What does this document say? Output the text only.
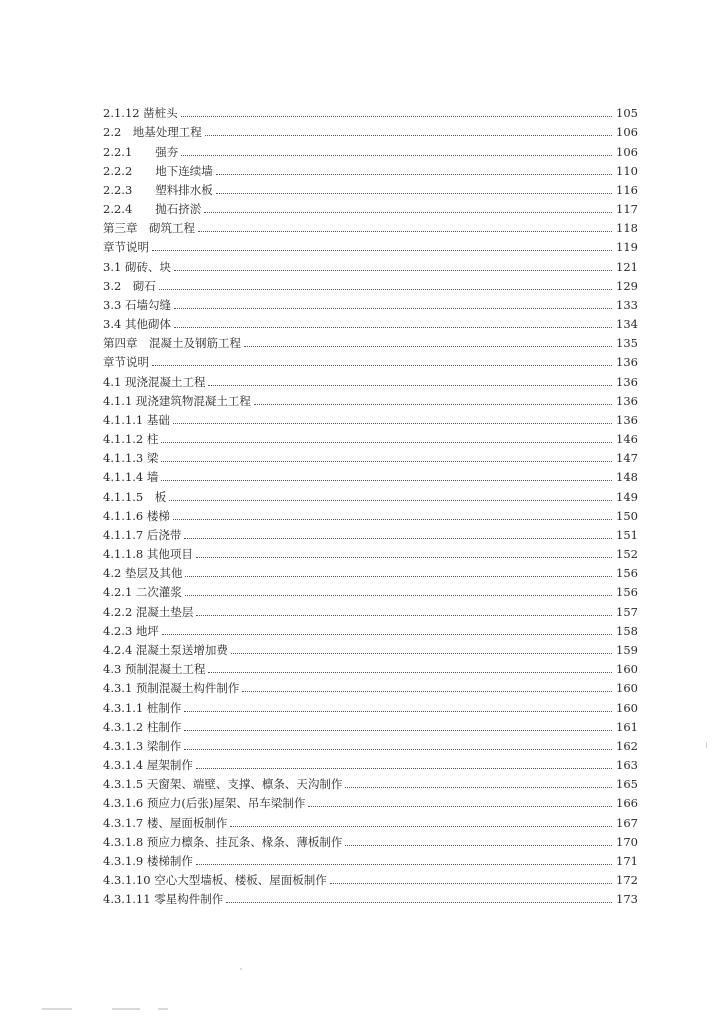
2.1.12 凿桩头	105
2.2　地基处理工程	106
2.2.1　　强夯	106
2.2.2　　地下连续墙	110
2.2.3　　塑料排水板	116
2.2.4　　抛石挤淤	117
第三章　砌筑工程	118
章节说明	119
3.1 砌砖、块	121
3.2　砌石	129
3.3 石墙勾缝	133
3.4 其他砌体	134
第四章　混凝土及钢筋工程	135
章节说明	136
4.1 现浇混凝土工程	136
4.1.1 现浇建筑物混凝土工程	136
4.1.1.1 基础	136
4.1.1.2 柱	146
4.1.1.3 梁	147
4.1.1.4 墙	148
4.1.1.5　板	149
4.1.1.6 楼梯	150
4.1.1.7 后浇带	151
4.1.1.8 其他项目	152
4.2 垫层及其他	156
4.2.1 二次灌浆	156
4.2.2 混凝土垫层	157
4.2.3 地坪	158
4.2.4 混凝土泵送增加费	159
4.3 预制混凝土工程	160
4.3.1 预制混凝土构件制作	160
4.3.1.1 桩制作	160
4.3.1.2 柱制作	161
4.3.1.3 梁制作	162
4.3.1.4 屋架制作	163
4.3.1.5 天窗架、端壁、支撑、檩条、天沟制作	165
4.3.1.6 预应力(后张)屋架、吊车梁制作	166
4.3.1.7 楼、屋面板制作	167
4.3.1.8 预应力檩条、挂瓦条、椽条、薄板制作	170
4.3.1.9 楼梯制作	171
4.3.1.10 空心大型墙板、楼板、屋面板制作	172
4.3.1.11 零星构件制作	173
